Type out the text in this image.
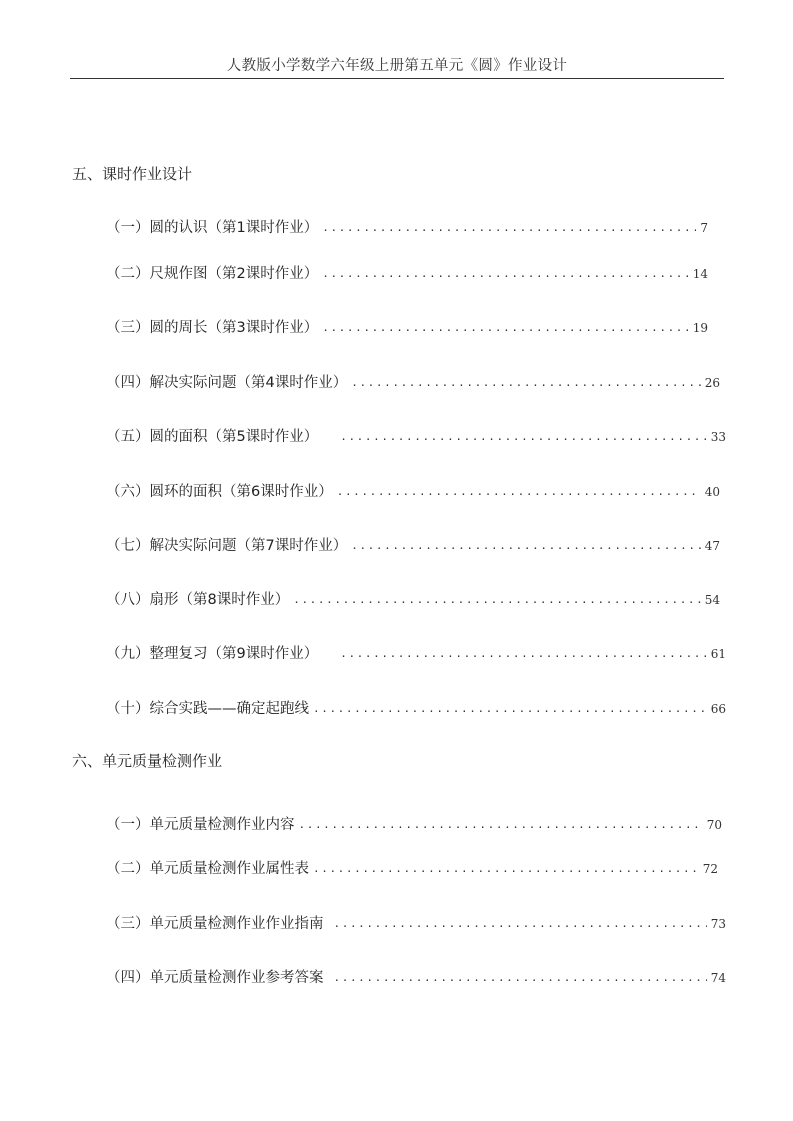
人教版小学数学六年级上册第五单元《圆》作业设计
五、课时作业设计
（一）圆的认识（第1课时作业） .....	7
（二）尺规作图（第2课时作业） .....	14
（三）圆的周长（第3课时作业） .....	19
（四）解决实际问题（第4课时作业） .....	26
（五）圆的面积（第5课时作业） .....	33
（六）圆环的面积（第6课时作业） .....	40
（七）解决实际问题（第7课时作业） .....	47
（八）扇形（第8课时作业） .....	54
（九）整理复习（第9课时作业） .....	61
（十）综合实践——确定起跑线 .....	66
六、单元质量检测作业
（一）单元质量检测作业内容 .....	70
（二）单元质量检测作业属性表 .....	72
（三）单元质量检测作业作业指南 .....	73
（四）单元质量检测作业参考答案 .....	74
